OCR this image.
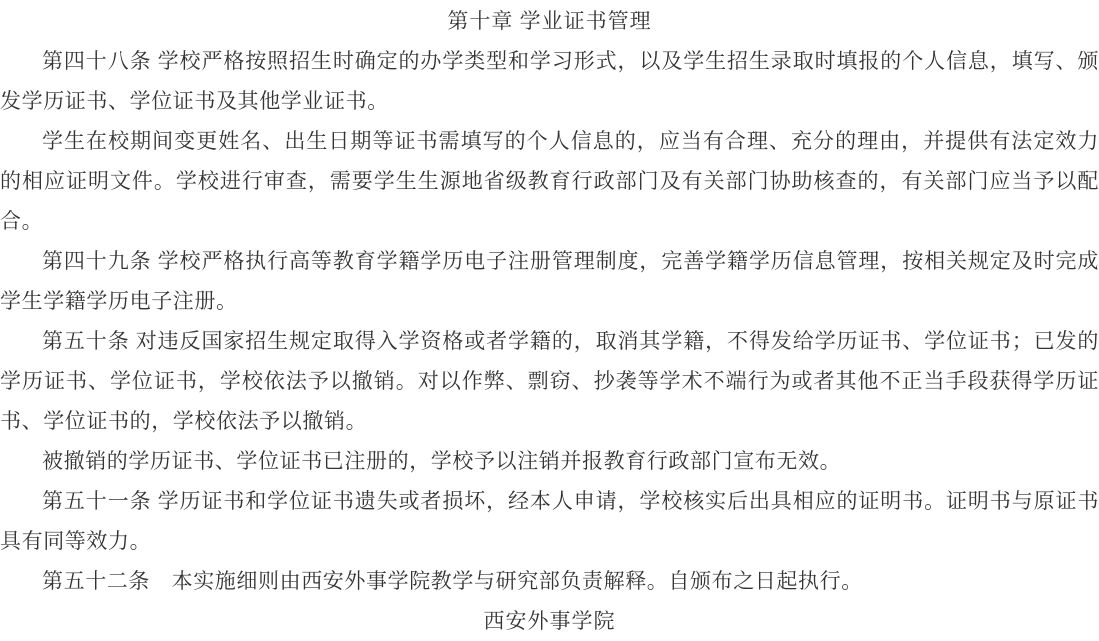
第十章 学业证书管理

第四十八条 学校严格按照招生时确定的办学类型和学习形式，以及学生招生录取时填报的个人信息，填写、颁发学历证书、学位证书及其他学业证书。

学生在校期间变更姓名、出生日期等证书需填写的个人信息的，应当有合理、充分的理由，并提供有法定效力的相应证明文件。学校进行审查，需要学生生源地省级教育行政部门及有关部门协助核查的，有关部门应当予以配合。

第四十九条 学校严格执行高等教育学籍学历电子注册管理制度，完善学籍学历信息管理，按相关规定及时完成学生学籍学历电子注册。

第五十条 对违反国家招生规定取得入学资格或者学籍的，取消其学籍，不得发给学历证书、学位证书；已发的学历证书、学位证书，学校依法予以撤销。对以作弊、剽窃、抄袭等学术不端行为或者其他不正当手段获得学历证书、学位证书的，学校依法予以撤销。

被撤销的学历证书、学位证书已注册的，学校予以注销并报教育行政部门宣布无效。

第五十一条 学历证书和学位证书遗失或者损坏，经本人申请，学校核实后出具相应的证明书。证明书与原证书具有同等效力。

第五十二条　本实施细则由西安外事学院教学与研究部负责解释。自颁布之日起执行。

西安外事学院
